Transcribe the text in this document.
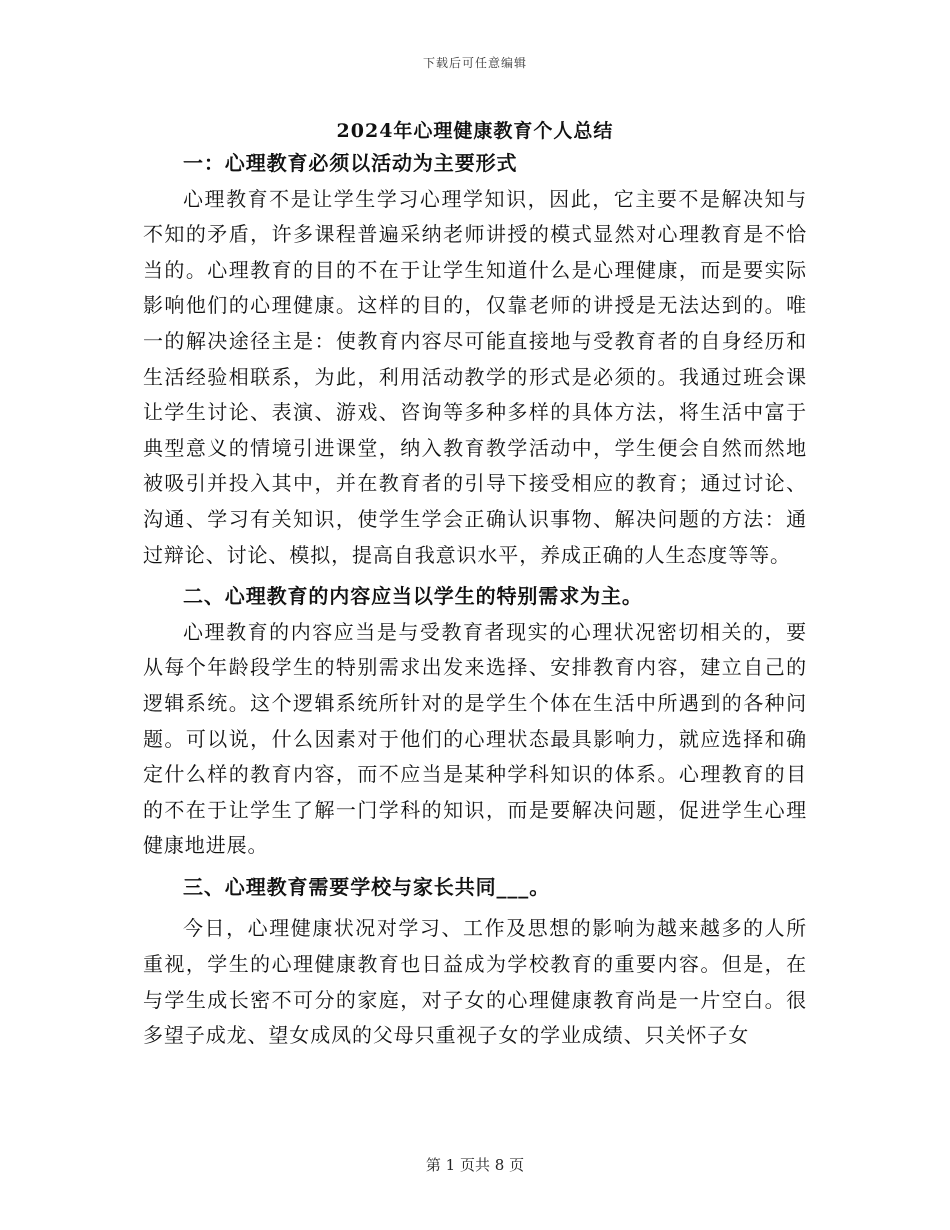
下载后可任意编辑
2024年心理健康教育个人总结

一：心理教育必须以活动为主要形式

心理教育不是让学生学习心理学知识，因此，它主要不是解决知与不知的矛盾，许多课程普遍采纳老师讲授的模式显然对心理教育是不恰当的。心理教育的目的不在于让学生知道什么是心理健康，而是要实际影响他们的心理健康。这样的目的，仅靠老师的讲授是无法达到的。唯一的解决途径主是：使教育内容尽可能直接地与受教育者的自身经历和生活经验相联系，为此，利用活动教学的形式是必须的。我通过班会课让学生讨论、表演、游戏、咨询等多种多样的具体方法，将生活中富于典型意义的情境引进课堂，纳入教育教学活动中，学生便会自然而然地被吸引并投入其中，并在教育者的引导下接受相应的教育；通过讨论、沟通、学习有关知识，使学生学会正确认识事物、解决问题的方法：通过辩论、讨论、模拟，提高自我意识水平，养成正确的人生态度等等。

二、心理教育的内容应当以学生的特别需求为主。

心理教育的内容应当是与受教育者现实的心理状况密切相关的，要从每个年龄段学生的特别需求出发来选择、安排教育内容，建立自己的逻辑系统。这个逻辑系统所针对的是学生个体在生活中所遇到的各种问题。可以说，什么因素对于他们的心理状态最具影响力，就应选择和确定什么样的教育内容，而不应当是某种学科知识的体系。心理教育的目的不在于让学生了解一门学科的知识，而是要解决问题，促进学生心理健康地进展。

三、心理教育需要学校与家长共同___。

今日，心理健康状况对学习、工作及思想的影响为越来越多的人所重视，学生的心理健康教育也日益成为学校教育的重要内容。但是，在与学生成长密不可分的家庭，对子女的心理健康教育尚是一片空白。很多望子成龙、望女成凤的父母只重视子女的学业成绩、只关怀子女

第 1 页共 8 页
